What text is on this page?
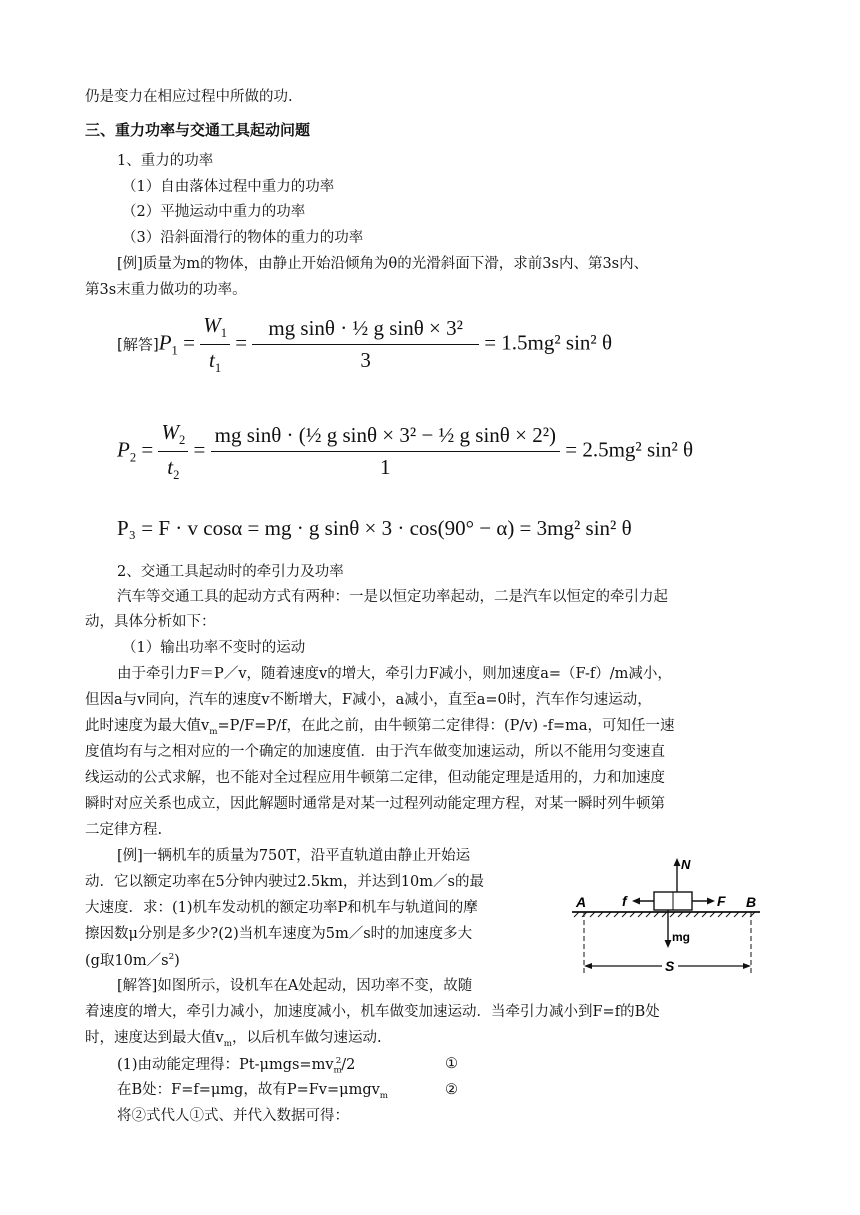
仍是变力在相应过程中所做的功.
三、重力功率与交通工具起动问题
1、重力的功率
（1）自由落体过程中重力的功率
（2）平抛运动中重力的功率
（3）沿斜面滑行的物体的重力的功率
[例]质量为m的物体，由静止开始沿倾角为θ的光滑斜面下滑，求前3s内、第3s内、
第3s末重力做功的功率。
[解答]$P_1 = \frac{W_1}{t_1} = \frac{\text{mg sinθ · ½ g sinθ × 3²}}{3} = 1.5mg^2$ sin² θ
$P_2 = \frac{W_2}{t_2} = \frac{\text{mg sinθ · (½ g sinθ × 3² − ½ g sinθ × 2²)}}{1} = 2.5mg^2$ sin² θ
P₃ = F · v cosα = mg · g sinθ × 3 · cos(90° − α) = 3mg² sin² θ
2、交通工具起动时的牵引力及功率
汽车等交通工具的起动方式有两种：一是以恒定功率起动，二是汽车以恒定的牵引力起
动，具体分析如下：
（1）输出功率不变时的运动
由于牵引力F＝P／v，随着速度v的增大，牵引力F减小，则加速度a=（F-f）/m减小，
但因a与v同向，汽车的速度v不断增大，F减小，a减小，直至a=0时，汽车作匀速运动，
此时速度为最大值$v_m=P/F=P/f$，在此之前，由牛顿第二定律得：(P/v) -f=ma，可知任一速
度值均有与之相对应的一个确定的加速度值．由于汽车做变加速运动，所以不能用匀变速直
线运动的公式求解，也不能对全过程应用牛顿第二定律，但动能定理是适用的，力和加速度
瞬时对应关系也成立，因此解题时通常是对某一过程列动能定理方程，对某一瞬时列牛顿第
二定律方程.
[例]一辆机车的质量为750T，沿平直轨道由静止开始运
动．它以额定功率在5分钟内驶过2.5km，并达到10m／s的最
大速度．求：(1)机车发动机的额定功率P和机车与轨道间的摩
擦因数μ分别是多少?(2)当机车速度为5m／s时的加速度多大
(g取$10m/s^2$)
[解答]如图所示，设机车在A处起动，因功率不变，故随
着速度的增大，牵引力减小，加速度减小，机车做变加速运动．当牵引力减小到F=f的B处
时，速度达到最大值$v_m$，以后机车做匀速运动.
(1)由动能定理得：$Pt-\mu mgs=mv_m^2/2$	①
在B处：F=f=μmg，故有P=Fv=μmgv$_m$	②
将②式代人①式、并代入数据可得：
N
f	F
A	B
mg
S
